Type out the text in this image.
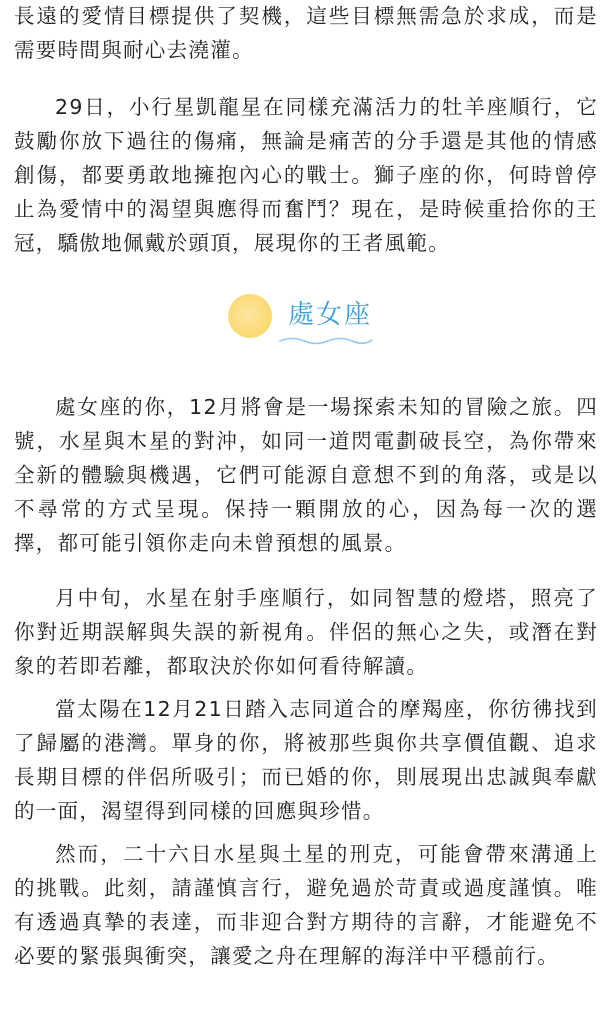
長遠的愛情目標提供了契機，這些目標無需急於求成，而是需要時間與耐心去澆灌。

29日，小行星凱龍星在同樣充滿活力的牡羊座順行，它鼓勵你放下過往的傷痛，無論是痛苦的分手還是其他的情感創傷，都要勇敢地擁抱內心的戰士。獅子座的你，何時曾停止為愛情中的渴望與應得而奮鬥？現在，是時候重拾你的王冠，驕傲地佩戴於頭頂，展現你的王者風範。

處女座

處女座的你，12月將會是一場探索未知的冒險之旅。四號，水星與木星的對沖，如同一道閃電劃破長空，為你帶來全新的體驗與機遇，它們可能源自意想不到的角落，或是以不尋常的方式呈現。保持一顆開放的心，因為每一次的選擇，都可能引領你走向未曾預想的風景。

月中旬，水星在射手座順行，如同智慧的燈塔，照亮了你對近期誤解與失誤的新視角。伴侶的無心之失，或潛在對象的若即若離，都取決於你如何看待解讀。

當太陽在12月21日踏入志同道合的摩羯座，你彷彿找到了歸屬的港灣。單身的你，將被那些與你共享價值觀、追求長期目標的伴侶所吸引；而已婚的你，則展現出忠誠與奉獻的一面，渴望得到同樣的回應與珍惜。

然而，二十六日水星與土星的刑克，可能會帶來溝通上的挑戰。此刻，請謹慎言行，避免過於苛責或過度謹慎。唯有透過真摯的表達，而非迎合對方期待的言辭，才能避免不必要的緊張與衝突，讓愛之舟在理解的海洋中平穩前行。
